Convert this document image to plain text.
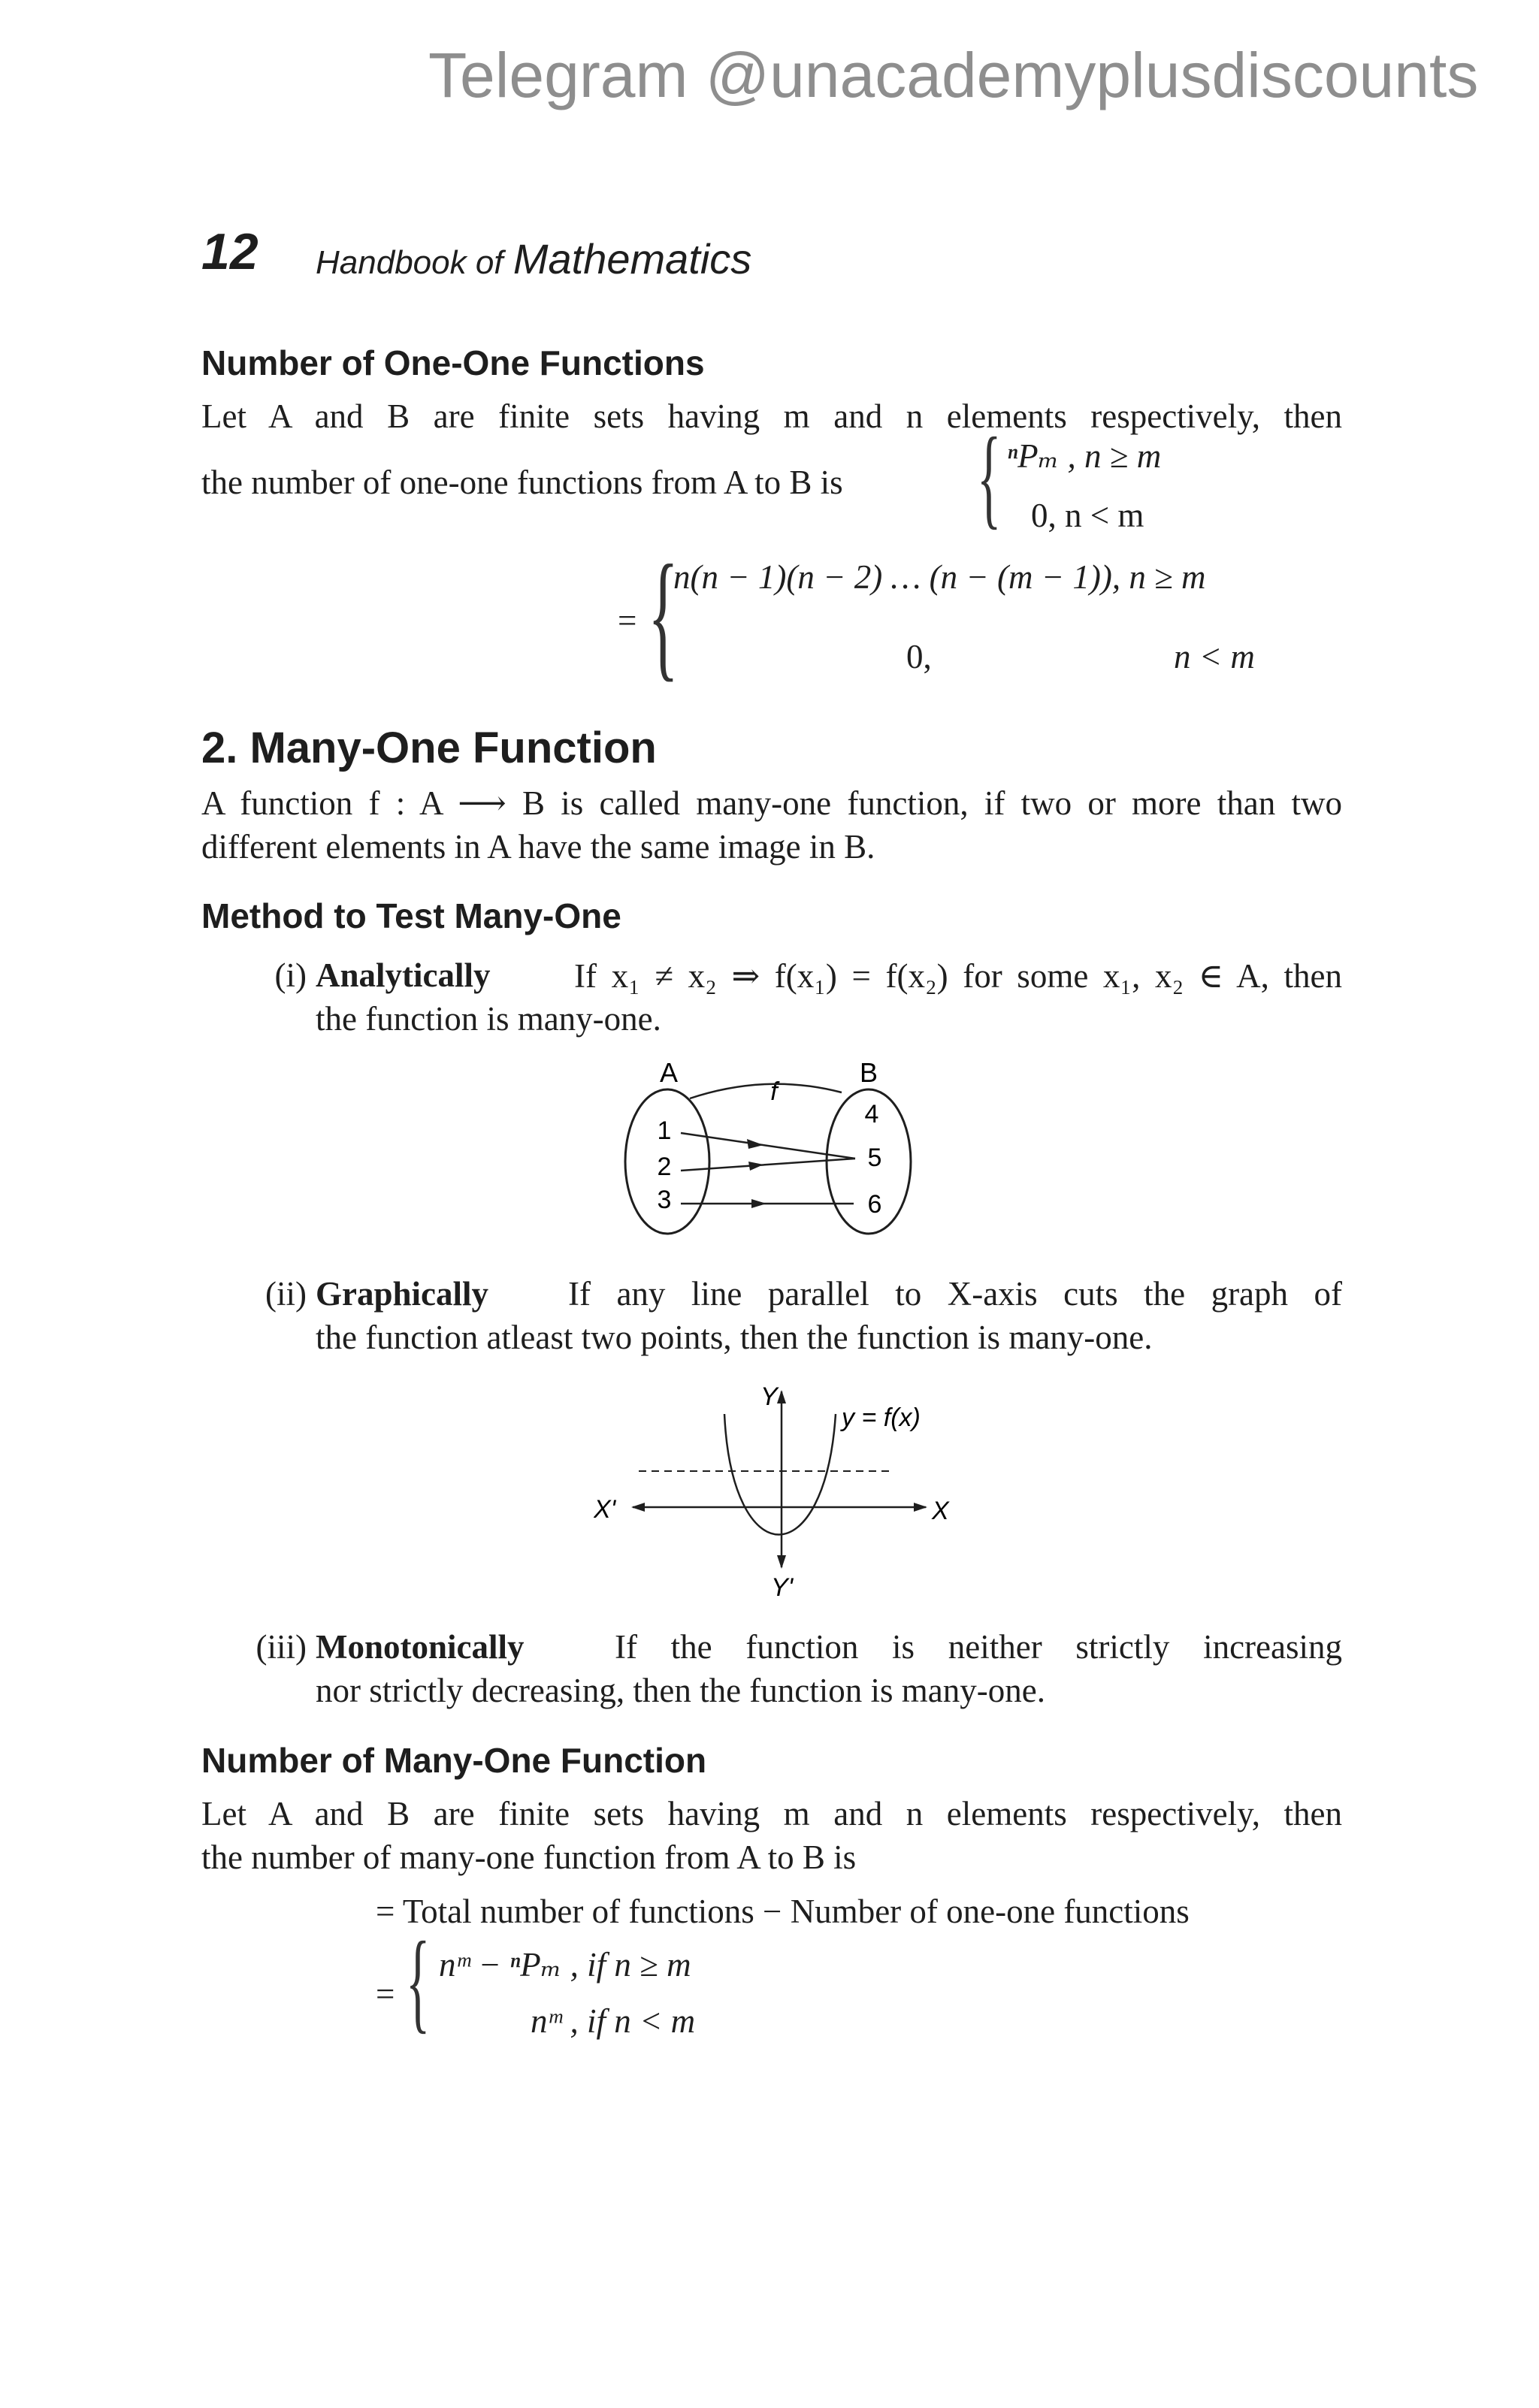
Telegram @unacademyplusdiscounts
12 Handbook of Mathematics
Number of One-One Functions
Let A and B are finite sets having m and n elements respectively, then
the number of one-one functions from A to B is { ⁿPₘ , n ≥ m
0, n < m
= {
n(n − 1)(n − 2) … (n − (m − 1)), n ≥ m
0,	n < m
2. Many-One Function
A function f : A ⟶ B is called many-one function, if two or more than two different elements in A have the same image in B.
Method to Test Many-One
(i) Analytically If x₁ ≠ x₂ ⇒ f(x₁) = f(x₂) for some x₁, x₂ ∈ A, then
the function is many-one.
A	B
f
1
2
3
4
5
6
(ii) Graphically If any line parallel to X-axis cuts the graph of
the function atleast two points, then the function is many-one.
Y
Y'
X'	X
y = f(x)
(iii) Monotonically	If the function is neither strictly increasing
nor strictly decreasing, then the function is many-one.
Number of Many-One Function
Let A and B are finite sets having m and n elements respectively, then
the number of many-one function from A to B is
= Total number of functions − Number of one-one functions
= { nᵐ − ⁿPₘ , if n ≥ m
nᵐ , if n < m
